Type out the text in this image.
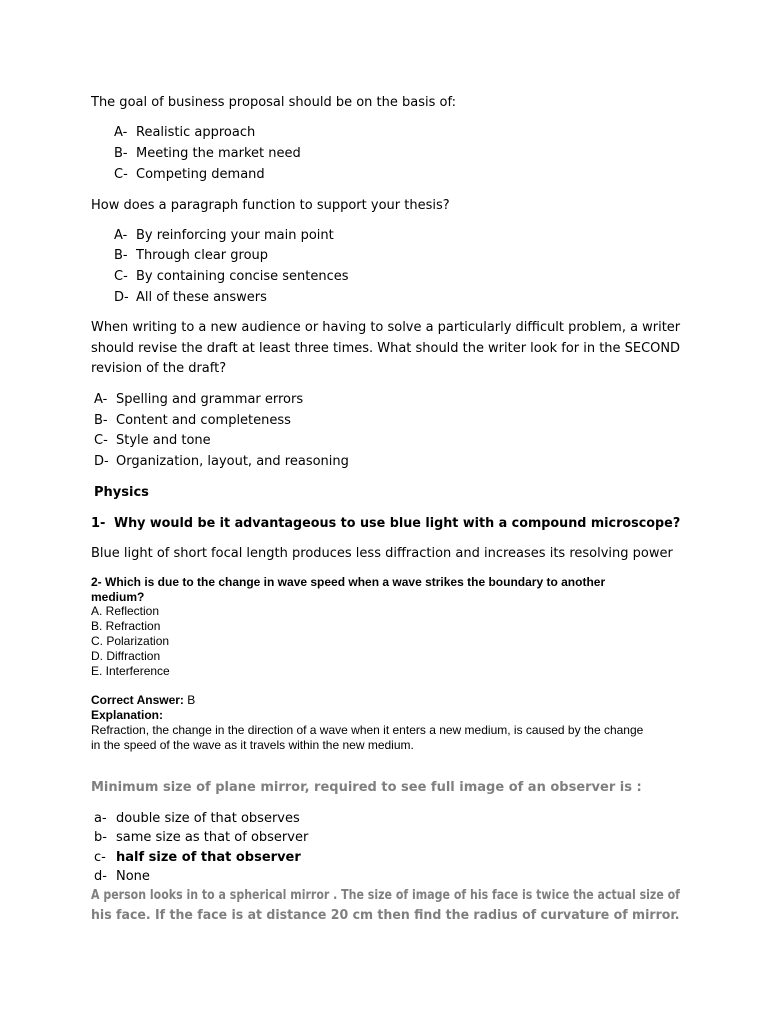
The goal of business proposal should be on the basis of:
A- Realistic approach
B- Meeting the market need
C- Competing demand
How does a paragraph function to support your thesis?
A- By reinforcing your main point
B- Through clear group
C- By containing concise sentences
D- All of these answers
When writing to a new audience or having to solve a particularly difficult problem, a writer
should revise the draft at least three times. What should the writer look for in the SECOND
revision of the draft?
A- Spelling and grammar errors
B- Content and completeness
C- Style and tone
D- Organization, layout, and reasoning
Physics
1- Why would be it advantageous to use blue light with a compound microscope?
Blue light of short focal length produces less diffraction and increases its resolving power
2- Which is due to the change in wave speed when a wave strikes the boundary to another
medium?
A. Reflection
B. Refraction
C. Polarization
D. Diffraction
E. Interference
Correct Answer: B
Explanation:
Refraction, the change in the direction of a wave when it enters a new medium, is caused by the change
in the speed of the wave as it travels within the new medium.
Minimum size of plane mirror, required to see full image of an observer is :
a- double size of that observes
b- same size as that of observer
c- half size of that observer
d- None
A person looks in to a spherical mirror . The size of image of his face is twice the actual size of
his face. If the face is at distance 20 cm then find the radius of curvature of mirror.
